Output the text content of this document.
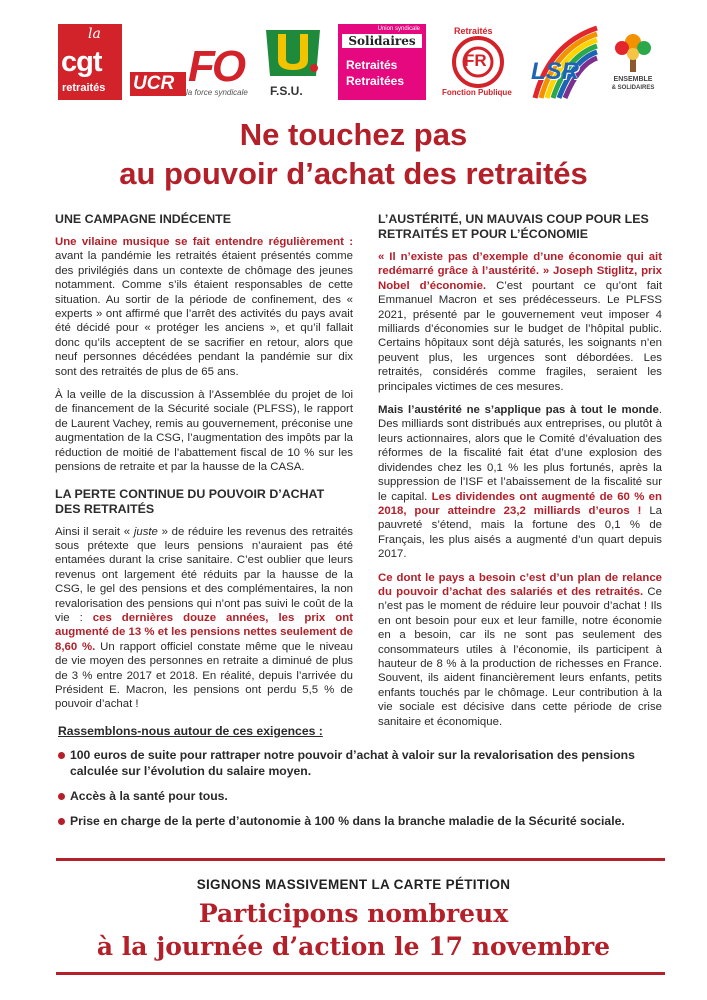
la
cgt
retraités UCR FO
la force syndicale F.S.U.
Union syndicale
Solidaires
Retraités
Retraitées
FR
Retraités
Fonction Publique
LSR	ENSEMBLE
& SOLIDAIRES
Ne touchez pas
au pouvoir d’achat des retraités
UNE CAMPAGNE INDÉCENTE

Une vilaine musique se fait entendre régulièrement : avant la pandémie les retraités étaient présentés comme des privilégiés dans un contexte de chômage des jeunes notamment. Comme s’ils étaient responsables de cette situation. Au sortir de la période de confinement, des « experts » ont affirmé que l’arrêt des activités du pays avait été décidé pour « protéger les anciens », et qu’il fallait donc qu’ils acceptent de se sacrifier en retour, alors que neuf personnes décédées pendant la pandémie sur dix sont des retraités de plus de 65 ans.

À la veille de la discussion à l’Assemblée du projet de loi de financement de la Sécurité sociale (PLFSS), le rapport de Laurent Vachey, remis au gouvernement, préconise une augmentation de la CSG, l’augmentation des impôts par la réduction de moitié de l’abattement fiscal de 10 % sur les pensions de retraite et par la hausse de la CASA.

LA PERTE CONTINUE DU POUVOIR D’ACHAT DES RETRAITÉS

Ainsi il serait « juste » de réduire les revenus des retraités sous prétexte que leurs pensions n’auraient pas été entamées durant la crise sanitaire. C’est oublier que leurs revenus ont largement été réduits par la hausse de la CSG, le gel des pensions et des complémentaires, la non revalorisation des pensions qui n’ont pas suivi le coût de la vie : ces dernières douze années, les prix ont augmenté de 13 % et les pensions nettes seulement de 8,60 %. Un rapport officiel constate même que le niveau de vie moyen des personnes en retraite a diminué de plus de 3 % entre 2017 et 2018. En réalité, depuis l’arrivée du Président E. Macron, les pensions ont perdu 5,5 % de pouvoir d’achat !

L’AUSTÉRITÉ, UN MAUVAIS COUP POUR LES RETRAITÉS ET POUR L’ÉCONOMIE

« Il n’existe pas d’exemple d’une économie qui ait redémarré grâce à l’austérité. » Joseph Stiglitz, prix Nobel d’économie. C’est pourtant ce qu’ont fait Emmanuel Macron et ses prédécesseurs. Le PLFSS 2021, présenté par le gouvernement veut imposer 4 milliards d’économies sur le budget de l’hôpital public. Certains hôpitaux sont déjà saturés, les soignants n’en peuvent plus, les urgences sont débordées. Les retraités, considérés comme fragiles, seraient les principales victimes de ces mesures.

Mais l’austérité ne s’applique pas à tout le monde. Des milliards sont distribués aux entreprises, ou plutôt à leurs actionnaires, alors que le Comité d’évaluation des réformes de la fiscalité fait état d’une explosion des dividendes chez les 0,1 % les plus fortunés, après la suppression de l’ISF et l’abaissement de la fiscalité sur le capital. Les dividendes ont augmenté de 60 % en 2018, pour atteindre 23,2 milliards d’euros ! La pauvreté s’étend, mais la fortune des 0,1 % de Français, les plus aisés a augmenté d’un quart depuis 2017.

Ce dont le pays a besoin c’est d’un plan de relance du pouvoir d’achat des salariés et des retraités. Ce n’est pas le moment de réduire leur pouvoir d’achat ! Ils en ont besoin pour eux et leur famille, notre économie en a besoin, car ils ne sont pas seulement des consommateurs utiles à l’économie, ils participent à hauteur de 8 % à la production de richesses en France. Souvent, ils aident financièrement leurs enfants, petits enfants touchés par le chômage. Leur contribution à la vie sociale est décisive dans cette période de crise sanitaire et économique.

Rassemblons-nous autour de ces exigences :
100 euros de suite pour rattraper notre pouvoir d’achat à valoir sur la revalorisation des pensions calculée sur l’évolution du salaire moyen.
Accès à la santé pour tous.
Prise en charge de la perte d’autonomie à 100 % dans la branche maladie de la Sécurité sociale.
SIGNONS MASSIVEMENT LA CARTE PÉTITION
Participons nombreux
à la journée d’action le 17 novembre
